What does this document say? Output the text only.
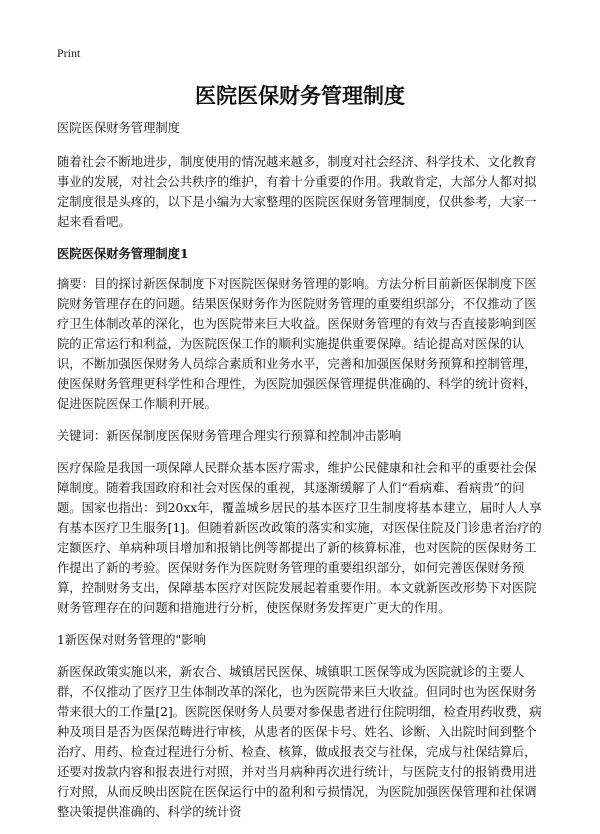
Print
医院医保财务管理制度

医院医保财务管理制度

随着社会不断地进步，制度使用的情况越来越多，制度对社会经济、科学技术、文化教育事业的发展，对社会公共秩序的维护，有着十分重要的作用。我敢肯定，大部分人都对拟定制度很是头疼的，以下是小编为大家整理的医院医保财务管理制度，仅供参考，大家一起来看看吧。

医院医保财务管理制度1

摘要：目的探讨新医保制度下对医院医保财务管理的影响。方法分析目前新医保制度下医院财务管理存在的问题。结果医保财务作为医院财务管理的重要组织部分，不仅推动了医疗卫生体制改革的深化，也为医院带来巨大收益。医保财务管理的有效与否直接影响到医院的正常运行和利益，为医院医保工作的顺利实施提供重要保障。结论提高对医保的认识，不断加强医保财务人员综合素质和业务水平，完善和加强医保财务预算和控制管理，使医保财务管理更科学性和合理性，为医院加强医保管理提供准确的、科学的统计资料，促进医院医保工作顺利开展。

关键词：新医保制度医保财务管理合理实行预算和控制冲击影响

医疗保险是我国一项保障人民群众基本医疗需求，维护公民健康和社会和平的重要社会保障制度。随着我国政府和社会对医保的重视，其逐渐缓解了人们“看病难、看病贵”的问题。国家也指出：到20xx年，覆盖城乡居民的基本医疗卫生制度将基本建立，届时人人享有基本医疗卫生服务[1]。但随着新医改政策的落实和实施，对医保住院及门诊患者治疗的定额医疗、单病种项目增加和报销比例等都提出了新的核算标准，也对医院的医保财务工作提出了新的考验。医保财务作为医院财务管理的重要组织部分，如何完善医保财务预算，控制财务支出，保障基本医疗对医院发展起着重要作用。本文就新医改形势下对医院财务管理存在的问题和措施进行分析，使医保财务发挥更广更大的作用。

1新医保对财务管理的"影响

新医保政策实施以来，新农合、城镇居民医保、城镇职工医保等成为医院就诊的主要人群，不仅推动了医疗卫生体制改革的深化，也为医院带来巨大收益。但同时也为医保财务带来很大的工作量[2]。医院医保财务人员要对参保患者进行住院明细，检查用药收费，病种及项目是否为医保范畴进行审核，从患者的医保卡号、姓名、诊断、入出院时间到整个治疗、用药、检查过程进行分析、检查、核算，做成报表交与社保，完成与社保结算后，还要对拨款内容和报表进行对照，并对当月病种再次进行统计，与医院支付的报销费用进行对照，从而反映出医院在医保运行中的盈利和亏损情况，为医院加强医保管理和社保调整决策提供准确的、科学的统计资
